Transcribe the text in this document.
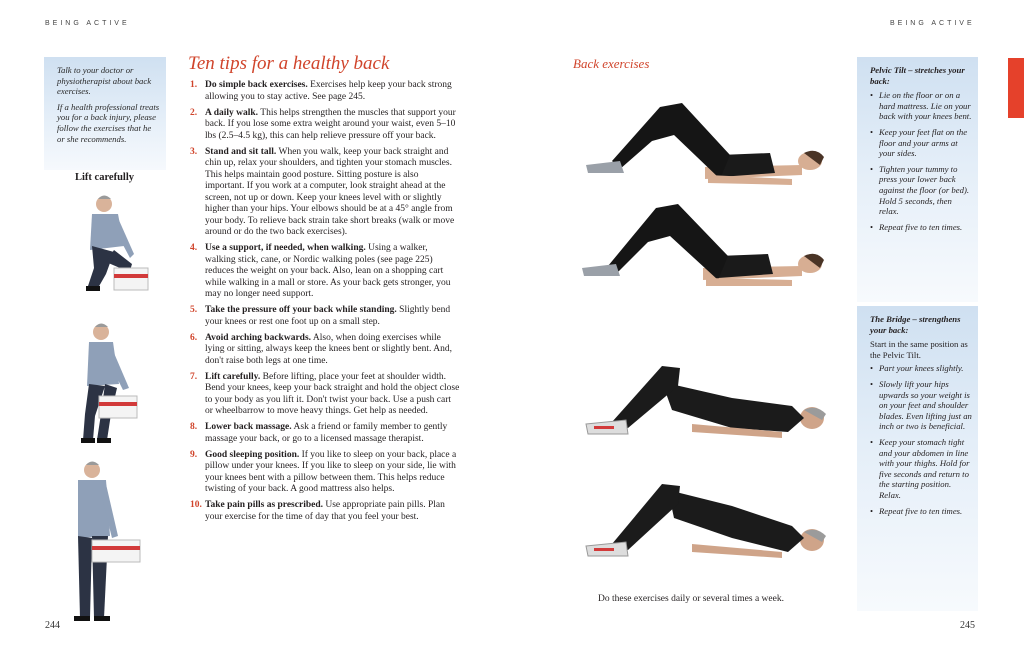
BEING ACTIVE	BEING ACTIVE

Talk to your doctor or physiotherapist about back exercises.

If a health professional treats you for a back injury, please follow the exercises that he or she recommends.

Lift carefully
Ten tips for a healthy back
1. Do simple back exercises. Exercises help keep your back strong allowing you to stay active. See page 245.
2. A daily walk. This helps strengthen the muscles that support your back. If you lose some extra weight around your waist, even 5–10 lbs (2.5–4.5 kg), this can help relieve pressure off your back.
3. Stand and sit tall. When you walk, keep your back straight and chin up, relax your shoulders, and tighten your stomach muscles. This helps maintain good posture. Sitting posture is also important. If you work at a computer, look straight ahead at the screen, not up or down. Keep your knees level with or slightly higher than your hips. Your elbows should be at a 45° angle from your body. To relieve back strain take short breaks (walk or move around or do the two back exercises).
4. Use a support, if needed, when walking. Using a walker, walking stick, cane, or Nordic walking poles (see page 225) reduces the weight on your back. Also, lean on a shopping cart while walking in a mall or store. As your back gets stronger, you may no longer need support.
5. Take the pressure off your back while standing. Slightly bend your knees or rest one foot up on a small step.
6. Avoid arching backwards. Also, when doing exercises while lying or sitting, always keep the knees bent or slightly bent. And, don't raise both legs at one time.
7. Lift carefully. Before lifting, place your feet at shoulder width. Bend your knees, keep your back straight and hold the object close to your body as you lift it. Don't twist your back. Use a push cart or wheelbarrow to move heavy things. Get help as needed.
8. Lower back massage. Ask a friend or family member to gently massage your back, or go to a licensed massage therapist.
9. Good sleeping position. If you like to sleep on your back, place a pillow under your knees. If you like to sleep on your side, lie with your knees bent with a pillow between them. This helps reduce twisting of your back. A good mattress also helps.
10. Take pain pills as prescribed. Use appropriate pain pills. Plan your exercise for the time of day that you feel your best.
244
Back exercises
Do these exercises daily or several times a week.
Pelvic Tilt – stretches your back:
• Lie on the floor or on a hard mattress. Lie on your back with your knees bent.
• Keep your feet flat on the floor and your arms at your sides.
• Tighten your tummy to press your lower back against the floor (or bed). Hold 5 seconds, then relax.
• Repeat five to ten times.
The Bridge – strengthens your back:

Start in the same position as the Pelvic Tilt.

• Part your knees slightly.
• Slowly lift your hips upwards so your weight is on your feet and shoulder blades. Even lifting just an inch or two is beneficial.
• Keep your stomach tight and your abdomen in line with your thighs. Hold for five seconds and return to the starting position. Relax.
• Repeat five to ten times.
245
